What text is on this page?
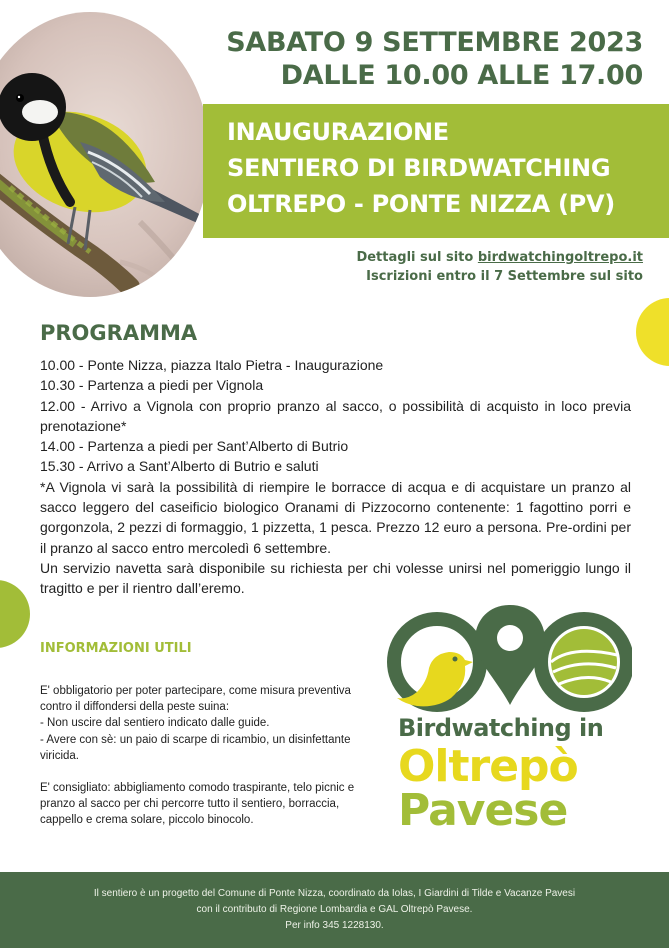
SABATO 9 SETTEMBRE 2023
DALLE 10.00 ALLE 17.00
INAUGURAZIONE
SENTIERO DI BIRDWATCHING
OLTREPO - PONTE NIZZA (PV)
Dettagli sul sito birdwatchingoltrepo.it
Iscrizioni entro il 7 Settembre sul sito
PROGRAMMA

10.00 - Ponte Nizza, piazza Italo Pietra - Inaugurazione

10.30 - Partenza a piedi per Vignola

12.00 - Arrivo a Vignola con proprio pranzo al sacco, o possibilità di acquisto in loco previa prenotazione*

14.00 - Partenza a piedi per Sant’Alberto di Butrio

15.30 - Arrivo a Sant’Alberto di Butrio e saluti

*A Vignola vi sarà la possibilità di riempire le borracce di acqua e di acquistare un pranzo al sacco leggero del caseificio biologico Oranami di Pizzocorno contenente: 1 fagottino porri e gorgonzola, 2 pezzi di formaggio, 1 pizzetta, 1 pesca. Prezzo 12 euro a persona. Pre-ordini per il pranzo al sacco entro mercoledì 6 settembre.

Un servizio navetta sarà disponibile su richiesta per chi volesse unirsi nel pomeriggio lungo il tragitto e per il rientro dall’eremo.

INFORMAZIONI UTILI

E' obbligatorio per poter partecipare, come misura preventiva contro il diffondersi della peste suina:

- Non uscire dal sentiero indicato dalle guide.

- Avere con sè: un paio di scarpe di ricambio, un disinfettante viricida.

E' consigliato: abbigliamento comodo traspirante, telo picnic e pranzo al sacco per chi percorre tutto il sentiero, borraccia, cappello e crema solare, piccolo binocolo.

Birdwatching in
Oltrepò
Pavese
Il sentiero è un progetto del Comune di Ponte Nizza, coordinato da Iolas, I Giardini di Tilde e Vacanze Pavesi
con il contributo di Regione Lombardia e GAL Oltrepò Pavese.
Per info 345 1228130.
